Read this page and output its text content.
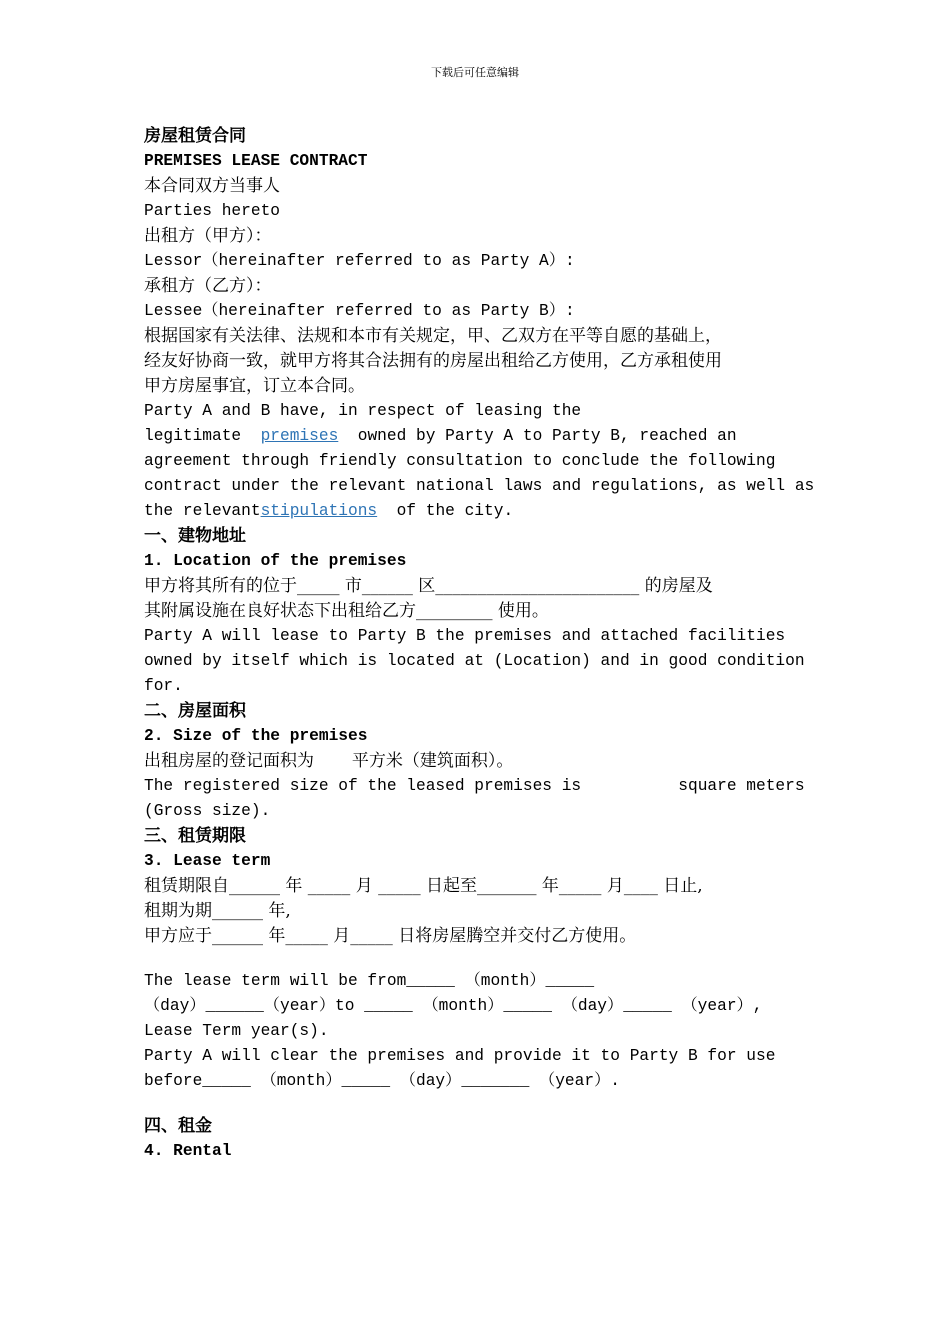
下载后可任意编辑
房屋租赁合同
PREMISES LEASE CONTRACT
本合同双方当事人
Parties hereto
出租方（甲方）：
Lessor（hereinafter referred to as Party A）:
承租方（乙方）：
Lessee（hereinafter referred to as Party B）:
根据国家有关法律、法规和本市有关规定，甲、乙双方在平等自愿的基础上，
经友好协商一致，就甲方将其合法拥有的房屋出租给乙方使用，乙方承租使用
甲方房屋事宜，订立本合同。
Party A and B have, in respect of leasing the
legitimate  premises  owned by Party A to Party B, reached an
agreement through friendly consultation to conclude the following
contract under the relevant national laws and regulations, as well as
the relevantstipulations  of the city.
一、建物地址
1. Location of the premises
甲方将其所有的位于_____ 市______ 区________________________ 的房屋及
其附属设施在良好状态下出租给乙方_________ 使用。
Party A will lease to Party B the premises and attached facilities
owned by itself which is located at (Location) and in good condition
for.
二、房屋面积
2. Size of the premises
出租房屋的登记面积为       平方米（建筑面积）。
The registered size of the leased premises is          square meters
(Gross size).
三、租赁期限
3. Lease term
租赁期限自______ 年 _____ 月 _____ 日起至_______ 年_____ 月____ 日止,
租期为期______ 年,
甲方应于______ 年_____ 月_____ 日将房屋腾空并交付乙方使用。
The lease term will be from_____ （month）_____
（day）______（year）to _____ （month）_____ （day）_____ （year）,
Lease Term year(s).
Party A will clear the premises and provide it to Party B for use
before_____ （month）_____ （day）_______ （year）.
四、租金
4. Rental
